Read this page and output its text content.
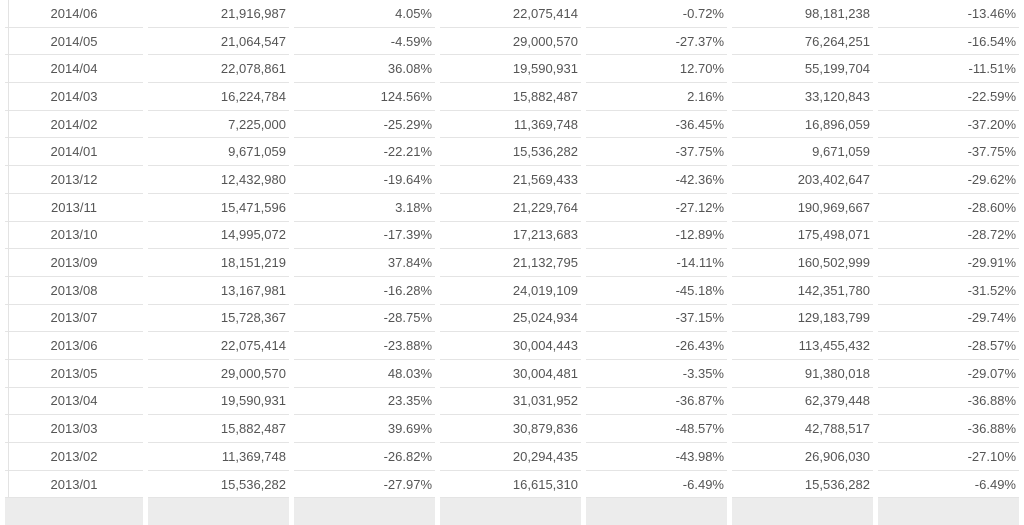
2014/06	21,916,987	4.05%	22,075,414	-0.72%	98,181,238	-13.46%
2014/05	21,064,547	-4.59%	29,000,570	-27.37%	76,264,251	-16.54%
2014/04	22,078,861	36.08%	19,590,931	12.70%	55,199,704	-11.51%
2014/03	16,224,784	124.56%	15,882,487	2.16%	33,120,843	-22.59%
2014/02	7,225,000	-25.29%	11,369,748	-36.45%	16,896,059	-37.20%
2014/01	9,671,059	-22.21%	15,536,282	-37.75%	9,671,059	-37.75%
2013/12	12,432,980	-19.64%	21,569,433	-42.36%	203,402,647	-29.62%
2013/11	15,471,596	3.18%	21,229,764	-27.12%	190,969,667	-28.60%
2013/10	14,995,072	-17.39%	17,213,683	-12.89%	175,498,071	-28.72%
2013/09	18,151,219	37.84%	21,132,795	-14.11%	160,502,999	-29.91%
2013/08	13,167,981	-16.28%	24,019,109	-45.18%	142,351,780	-31.52%
2013/07	15,728,367	-28.75%	25,024,934	-37.15%	129,183,799	-29.74%
2013/06	22,075,414	-23.88%	30,004,443	-26.43%	113,455,432	-28.57%
2013/05	29,000,570	48.03%	30,004,481	-3.35%	91,380,018	-29.07%
2013/04	19,590,931	23.35%	31,031,952	-36.87%	62,379,448	-36.88%
2013/03	15,882,487	39.69%	30,879,836	-48.57%	42,788,517	-36.88%
2013/02	11,369,748	-26.82%	20,294,435	-43.98%	26,906,030	-27.10%
2013/01	15,536,282	-27.97%	16,615,310	-6.49%	15,536,282	-6.49%
